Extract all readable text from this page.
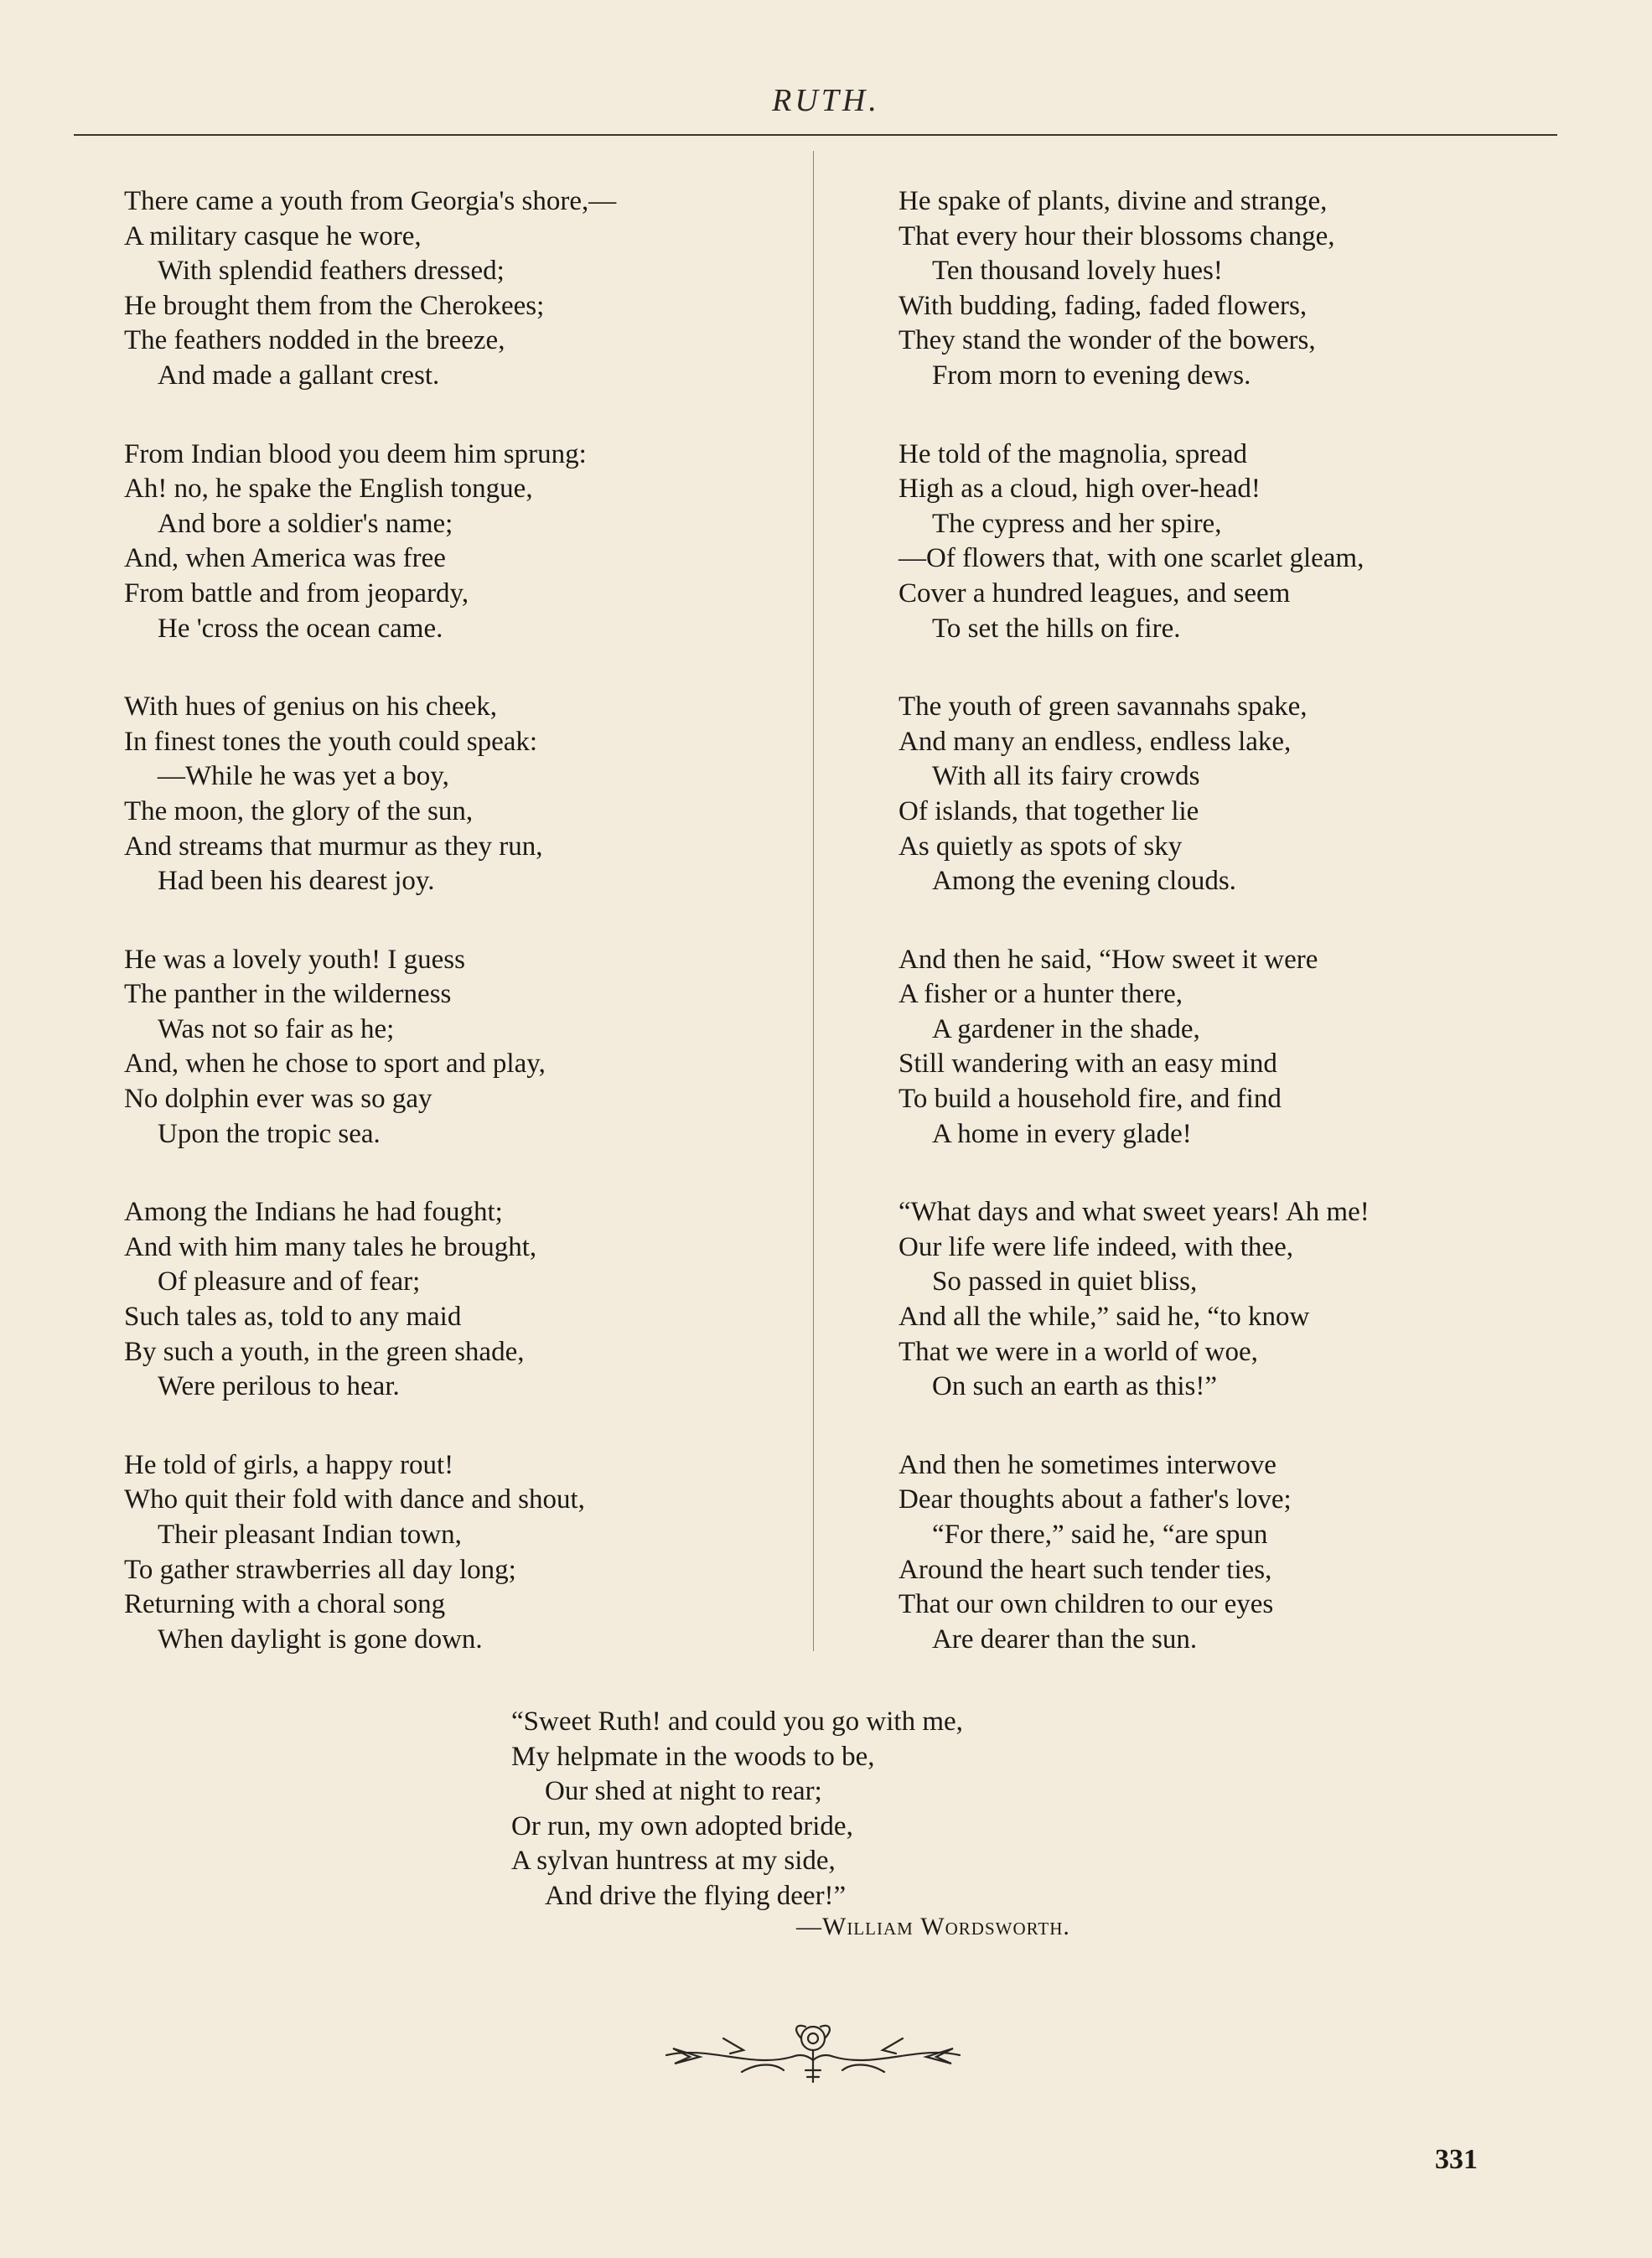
RUTH.
There came a youth from Georgia's shore,—
A military casque he wore,
With splendid feathers dressed;
He brought them from the Cherokees;
The feathers nodded in the breeze,
And made a gallant crest.
From Indian blood you deem him sprung:
Ah! no, he spake the English tongue,
And bore a soldier's name;
And, when America was free
From battle and from jeopardy,
He 'cross the ocean came.
With hues of genius on his cheek,
In finest tones the youth could speak:
—While he was yet a boy,
The moon, the glory of the sun,
And streams that murmur as they run,
Had been his dearest joy.
He was a lovely youth! I guess
The panther in the wilderness
Was not so fair as he;
And, when he chose to sport and play,
No dolphin ever was so gay
Upon the tropic sea.
Among the Indians he had fought;
And with him many tales he brought,
Of pleasure and of fear;
Such tales as, told to any maid
By such a youth, in the green shade,
Were perilous to hear.
He told of girls, a happy rout!
Who quit their fold with dance and shout,
Their pleasant Indian town,
To gather strawberries all day long;
Returning with a choral song
When daylight is gone down.
He spake of plants, divine and strange,
That every hour their blossoms change,
Ten thousand lovely hues!
With budding, fading, faded flowers,
They stand the wonder of the bowers,
From morn to evening dews.
He told of the magnolia, spread
High as a cloud, high over-head!
The cypress and her spire,
—Of flowers that, with one scarlet gleam,
Cover a hundred leagues, and seem
To set the hills on fire.
The youth of green savannahs spake,
And many an endless, endless lake,
With all its fairy crowds
Of islands, that together lie
As quietly as spots of sky
Among the evening clouds.
And then he said, “How sweet it were
A fisher or a hunter there,
A gardener in the shade,
Still wandering with an easy mind
To build a household fire, and find
A home in every glade!
“What days and what sweet years! Ah me!
Our life were life indeed, with thee,
So passed in quiet bliss,
And all the while,” said he, “to know
That we were in a world of woe,
On such an earth as this!”
And then he sometimes interwove
Dear thoughts about a father's love;
“For there,” said he, “are spun
Around the heart such tender ties,
That our own children to our eyes
Are dearer than the sun.
“Sweet Ruth! and could you go with me,
My helpmate in the woods to be,
Our shed at night to rear;
Or run, my own adopted bride,
A sylvan huntress at my side,
And drive the flying deer!”
—William Wordsworth.
331
